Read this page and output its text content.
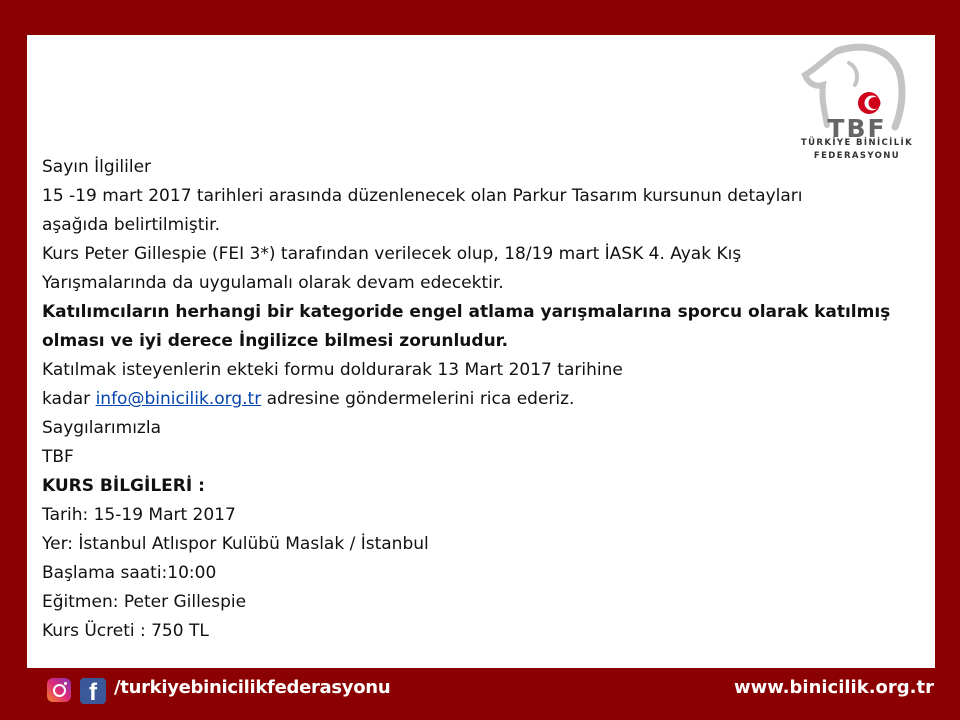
TBF
TÜRKİYE BİNİCİLİK
FEDERASYONU
Sayın İlgililer
15 -19 mart 2017 tarihleri arasında düzenlenecek olan Parkur Tasarım kursunun detayları
aşağıda belirtilmiştir.
Kurs Peter Gillespie (FEI 3*) tarafından verilecek olup, 18/19 mart İASK 4. Ayak Kış
Yarışmalarında da uygulamalı olarak devam edecektir.
Katılımcıların herhangi bir kategoride engel atlama yarışmalarına sporcu olarak katılmış
olması ve iyi derece İngilizce bilmesi zorunludur.
Katılmak isteyenlerin ekteki formu doldurarak 13 Mart 2017 tarihine
kadar info@binicilik.org.tr adresine göndermelerini rica ederiz.
Saygılarımızla
TBF
KURS BİLGİLERİ :
Tarih: 15-19 Mart 2017
Yer: İstanbul Atlıspor Kulübü Maslak / İstanbul
Başlama saati:10:00
Eğitmen: Peter Gillespie
Kurs Ücreti : 750 TL
f /turkiyebinicilikfederasyonu	www.binicilik.org.tr
